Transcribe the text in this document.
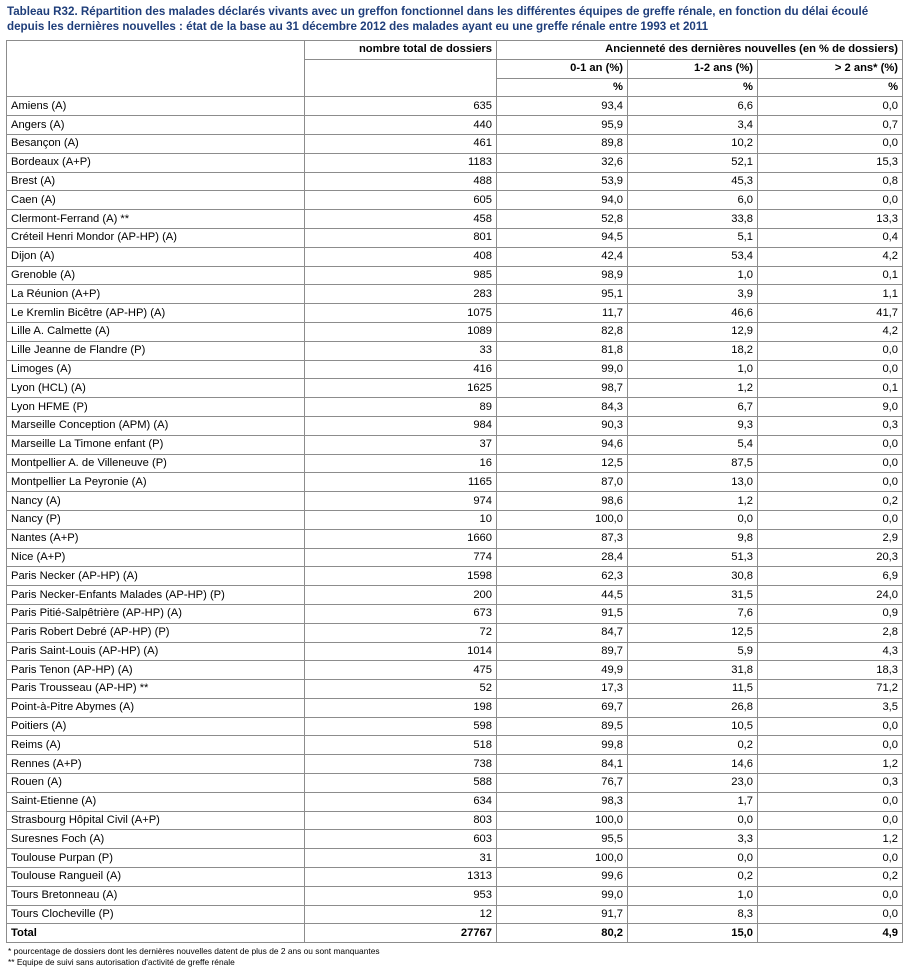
Tableau R32. Répartition des malades déclarés vivants avec un greffon fonctionnel dans les différentes équipes de greffe rénale, en fonction du délai écoulé depuis les dernières nouvelles : état de la base au 31 décembre 2012 des malades ayant eu une greffe rénale entre 1993 et 2011
	nombre total de dossiers	Ancienneté des dernières nouvelles (en % de dossiers)		
		0-1 an (%)	1-2 ans (%)	> 2 ans* (%)
		%	%	%
Amiens (A)	635	93,4	6,6	0,0
Angers (A)	440	95,9	3,4	0,7
Besançon (A)	461	89,8	10,2	0,0
Bordeaux (A+P)	1183	32,6	52,1	15,3
Brest (A)	488	53,9	45,3	0,8
Caen (A)	605	94,0	6,0	0,0
Clermont-Ferrand (A) **	458	52,8	33,8	13,3
Créteil Henri Mondor (AP-HP) (A)	801	94,5	5,1	0,4
Dijon (A)	408	42,4	53,4	4,2
Grenoble (A)	985	98,9	1,0	0,1
La Réunion (A+P)	283	95,1	3,9	1,1
Le Kremlin Bicêtre (AP-HP) (A)	1075	11,7	46,6	41,7
Lille A. Calmette (A)	1089	82,8	12,9	4,2
Lille Jeanne de Flandre (P)	33	81,8	18,2	0,0
Limoges (A)	416	99,0	1,0	0,0
Lyon (HCL) (A)	1625	98,7	1,2	0,1
Lyon HFME (P)	89	84,3	6,7	9,0
Marseille Conception (APM) (A)	984	90,3	9,3	0,3
Marseille La Timone enfant (P)	37	94,6	5,4	0,0
Montpellier A. de Villeneuve (P)	16	12,5	87,5	0,0
Montpellier La Peyronie (A)	1165	87,0	13,0	0,0
Nancy (A)	974	98,6	1,2	0,2
Nancy (P)	10	100,0	0,0	0,0
Nantes (A+P)	1660	87,3	9,8	2,9
Nice (A+P)	774	28,4	51,3	20,3
Paris Necker (AP-HP) (A)	1598	62,3	30,8	6,9
Paris Necker-Enfants Malades (AP-HP) (P)	200	44,5	31,5	24,0
Paris Pitié-Salpêtrière (AP-HP) (A)	673	91,5	7,6	0,9
Paris Robert Debré (AP-HP) (P)	72	84,7	12,5	2,8
Paris Saint-Louis (AP-HP) (A)	1014	89,7	5,9	4,3
Paris Tenon (AP-HP) (A)	475	49,9	31,8	18,3
Paris Trousseau (AP-HP) **	52	17,3	11,5	71,2
Point-à-Pitre Abymes (A)	198	69,7	26,8	3,5
Poitiers (A)	598	89,5	10,5	0,0
Reims (A)	518	99,8	0,2	0,0
Rennes (A+P)	738	84,1	14,6	1,2
Rouen (A)	588	76,7	23,0	0,3
Saint-Etienne (A)	634	98,3	1,7	0,0
Strasbourg Hôpital Civil (A+P)	803	100,0	0,0	0,0
Suresnes Foch (A)	603	95,5	3,3	1,2
Toulouse Purpan (P)	31	100,0	0,0	0,0
Toulouse Rangueil (A)	1313	99,6	0,2	0,2
Tours Bretonneau (A)	953	99,0	1,0	0,0
Tours Clocheville (P)	12	91,7	8,3	0,0
Total	27767	80,2	15,0	4,9
* pourcentage de dossiers dont les dernières nouvelles datent de plus de 2 ans ou sont manquantes
** Equipe de suivi sans autorisation d'activité de greffe rénale
